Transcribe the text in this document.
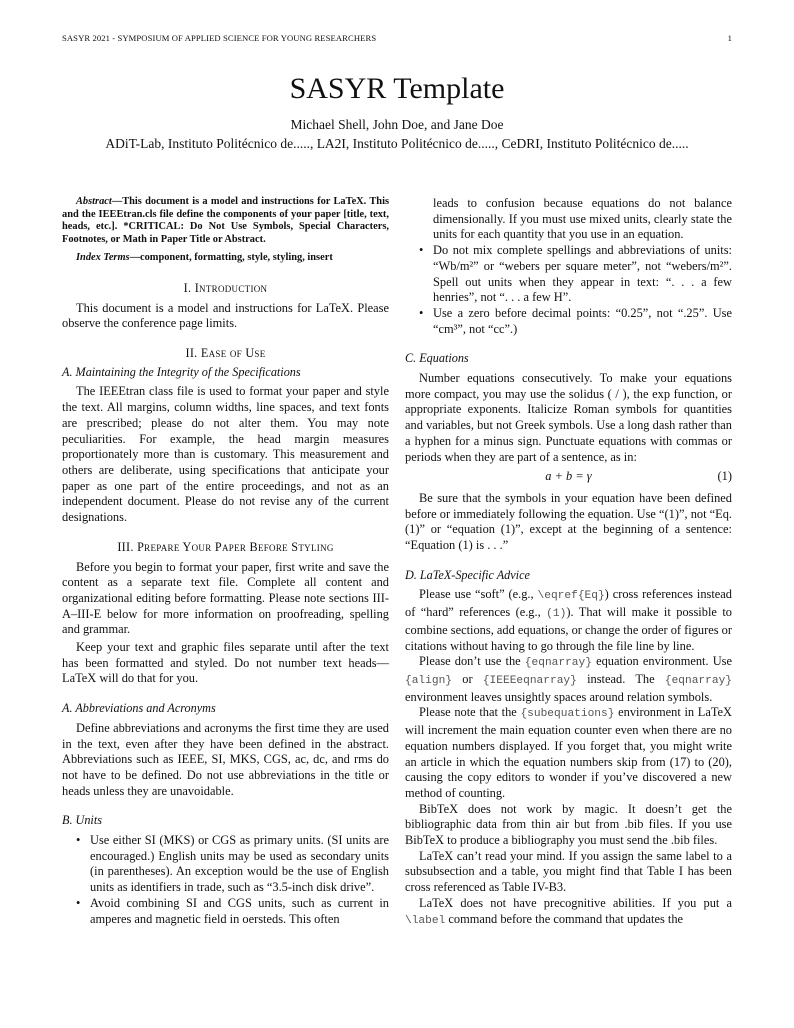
SASYR 2021 - SYMPOSIUM OF APPLIED SCIENCE FOR YOUNG RESEARCHERS	1
SASYR Template
Michael Shell, John Doe, and Jane Doe
ADiT-Lab, Instituto Politécnico de....., LA2I, Instituto Politécnico de....., CeDRI, Instituto Politécnico de.....

Abstract—This document is a model and instructions for LaTeX. This and the IEEEtran.cls file define the components of your paper [title, text, heads, etc.]. *CRITICAL: Do Not Use Symbols, Special Characters, Footnotes, or Math in Paper Title or Abstract.

Index Terms—component, formatting, style, styling, insert

I. Introduction

This document is a model and instructions for LaTeX. Please observe the conference page limits.

II. Ease of Use
A. Maintaining the Integrity of the Specifications

The IEEEtran class file is used to format your paper and style the text. All margins, column widths, line spaces, and text fonts are prescribed; please do not alter them. You may note peculiarities. For example, the head margin measures proportionately more than is customary. This measurement and others are deliberate, using specifications that anticipate your paper as one part of the entire proceedings, and not as an independent document. Please do not revise any of the current designations.

III. Prepare Your Paper Before Styling

Before you begin to format your paper, first write and save the content as a separate text file. Complete all content and organizational editing before formatting. Please note sections III-A–III-E below for more information on proofreading, spelling and grammar.

Keep your text and graphic files separate until after the text has been formatted and styled. Do not number text heads—LaTeX will do that for you.

A. Abbreviations and Acronyms

Define abbreviations and acronyms the first time they are used in the text, even after they have been defined in the abstract. Abbreviations such as IEEE, SI, MKS, CGS, ac, dc, and rms do not have to be defined. Do not use abbreviations in the title or heads unless they are unavoidable.

B. Units
• Use either SI (MKS) or CGS as primary units. (SI units are encouraged.) English units may be used as secondary units (in parentheses). An exception would be the use of English units as identifiers in trade, such as “3.5-inch disk drive”.
• Avoid combining SI and CGS units, such as current in amperes and magnetic field in oersteds. This often

leads to confusion because equations do not balance dimensionally. If you must use mixed units, clearly state the units for each quantity that you use in an equation.

• Do not mix complete spellings and abbreviations of units: “Wb/m²” or “webers per square meter”, not “webers/m²”. Spell out units when they appear in text: “. . . a few henries”, not “. . . a few H”.
• Use a zero before decimal points: “0.25”, not “.25”. Use “cm³”, not “cc”.)
C. Equations

Number equations consecutively. To make your equations more compact, you may use the solidus ( / ), the exp function, or appropriate exponents. Italicize Roman symbols for quantities and variables, but not Greek symbols. Use a long dash rather than a hyphen for a minus sign. Punctuate equations with commas or periods when they are part of a sentence, as in:

a + b = γ	(1)

Be sure that the symbols in your equation have been defined before or immediately following the equation. Use “(1)”, not “Eq. (1)” or “equation (1)”, except at the beginning of a sentence: “Equation (1) is . . .”

D. LaTeX-Specific Advice

Please use “soft” (e.g., \eqref{Eq}) cross references instead of “hard” references (e.g., (1)). That will make it possible to combine sections, add equations, or change the order of figures or citations without having to go through the file line by line.

Please don’t use the {eqnarray} equation environment. Use {align} or {IEEEeqnarray} instead. The {eqnarray} environment leaves unsightly spaces around relation symbols.

Please note that the {subequations} environment in LaTeX will increment the main equation counter even when there are no equation numbers displayed. If you forget that, you might write an article in which the equation numbers skip from (17) to (20), causing the copy editors to wonder if you’ve discovered a new method of counting.

BibTeX does not work by magic. It doesn’t get the bibliographic data from thin air but from .bib files. If you use BibTeX to produce a bibliography you must send the .bib files.

LaTeX can’t read your mind. If you assign the same label to a subsubsection and a table, you might find that Table I has been cross referenced as Table IV-B3.

LaTeX does not have precognitive abilities. If you put a \label command before the command that updates the
